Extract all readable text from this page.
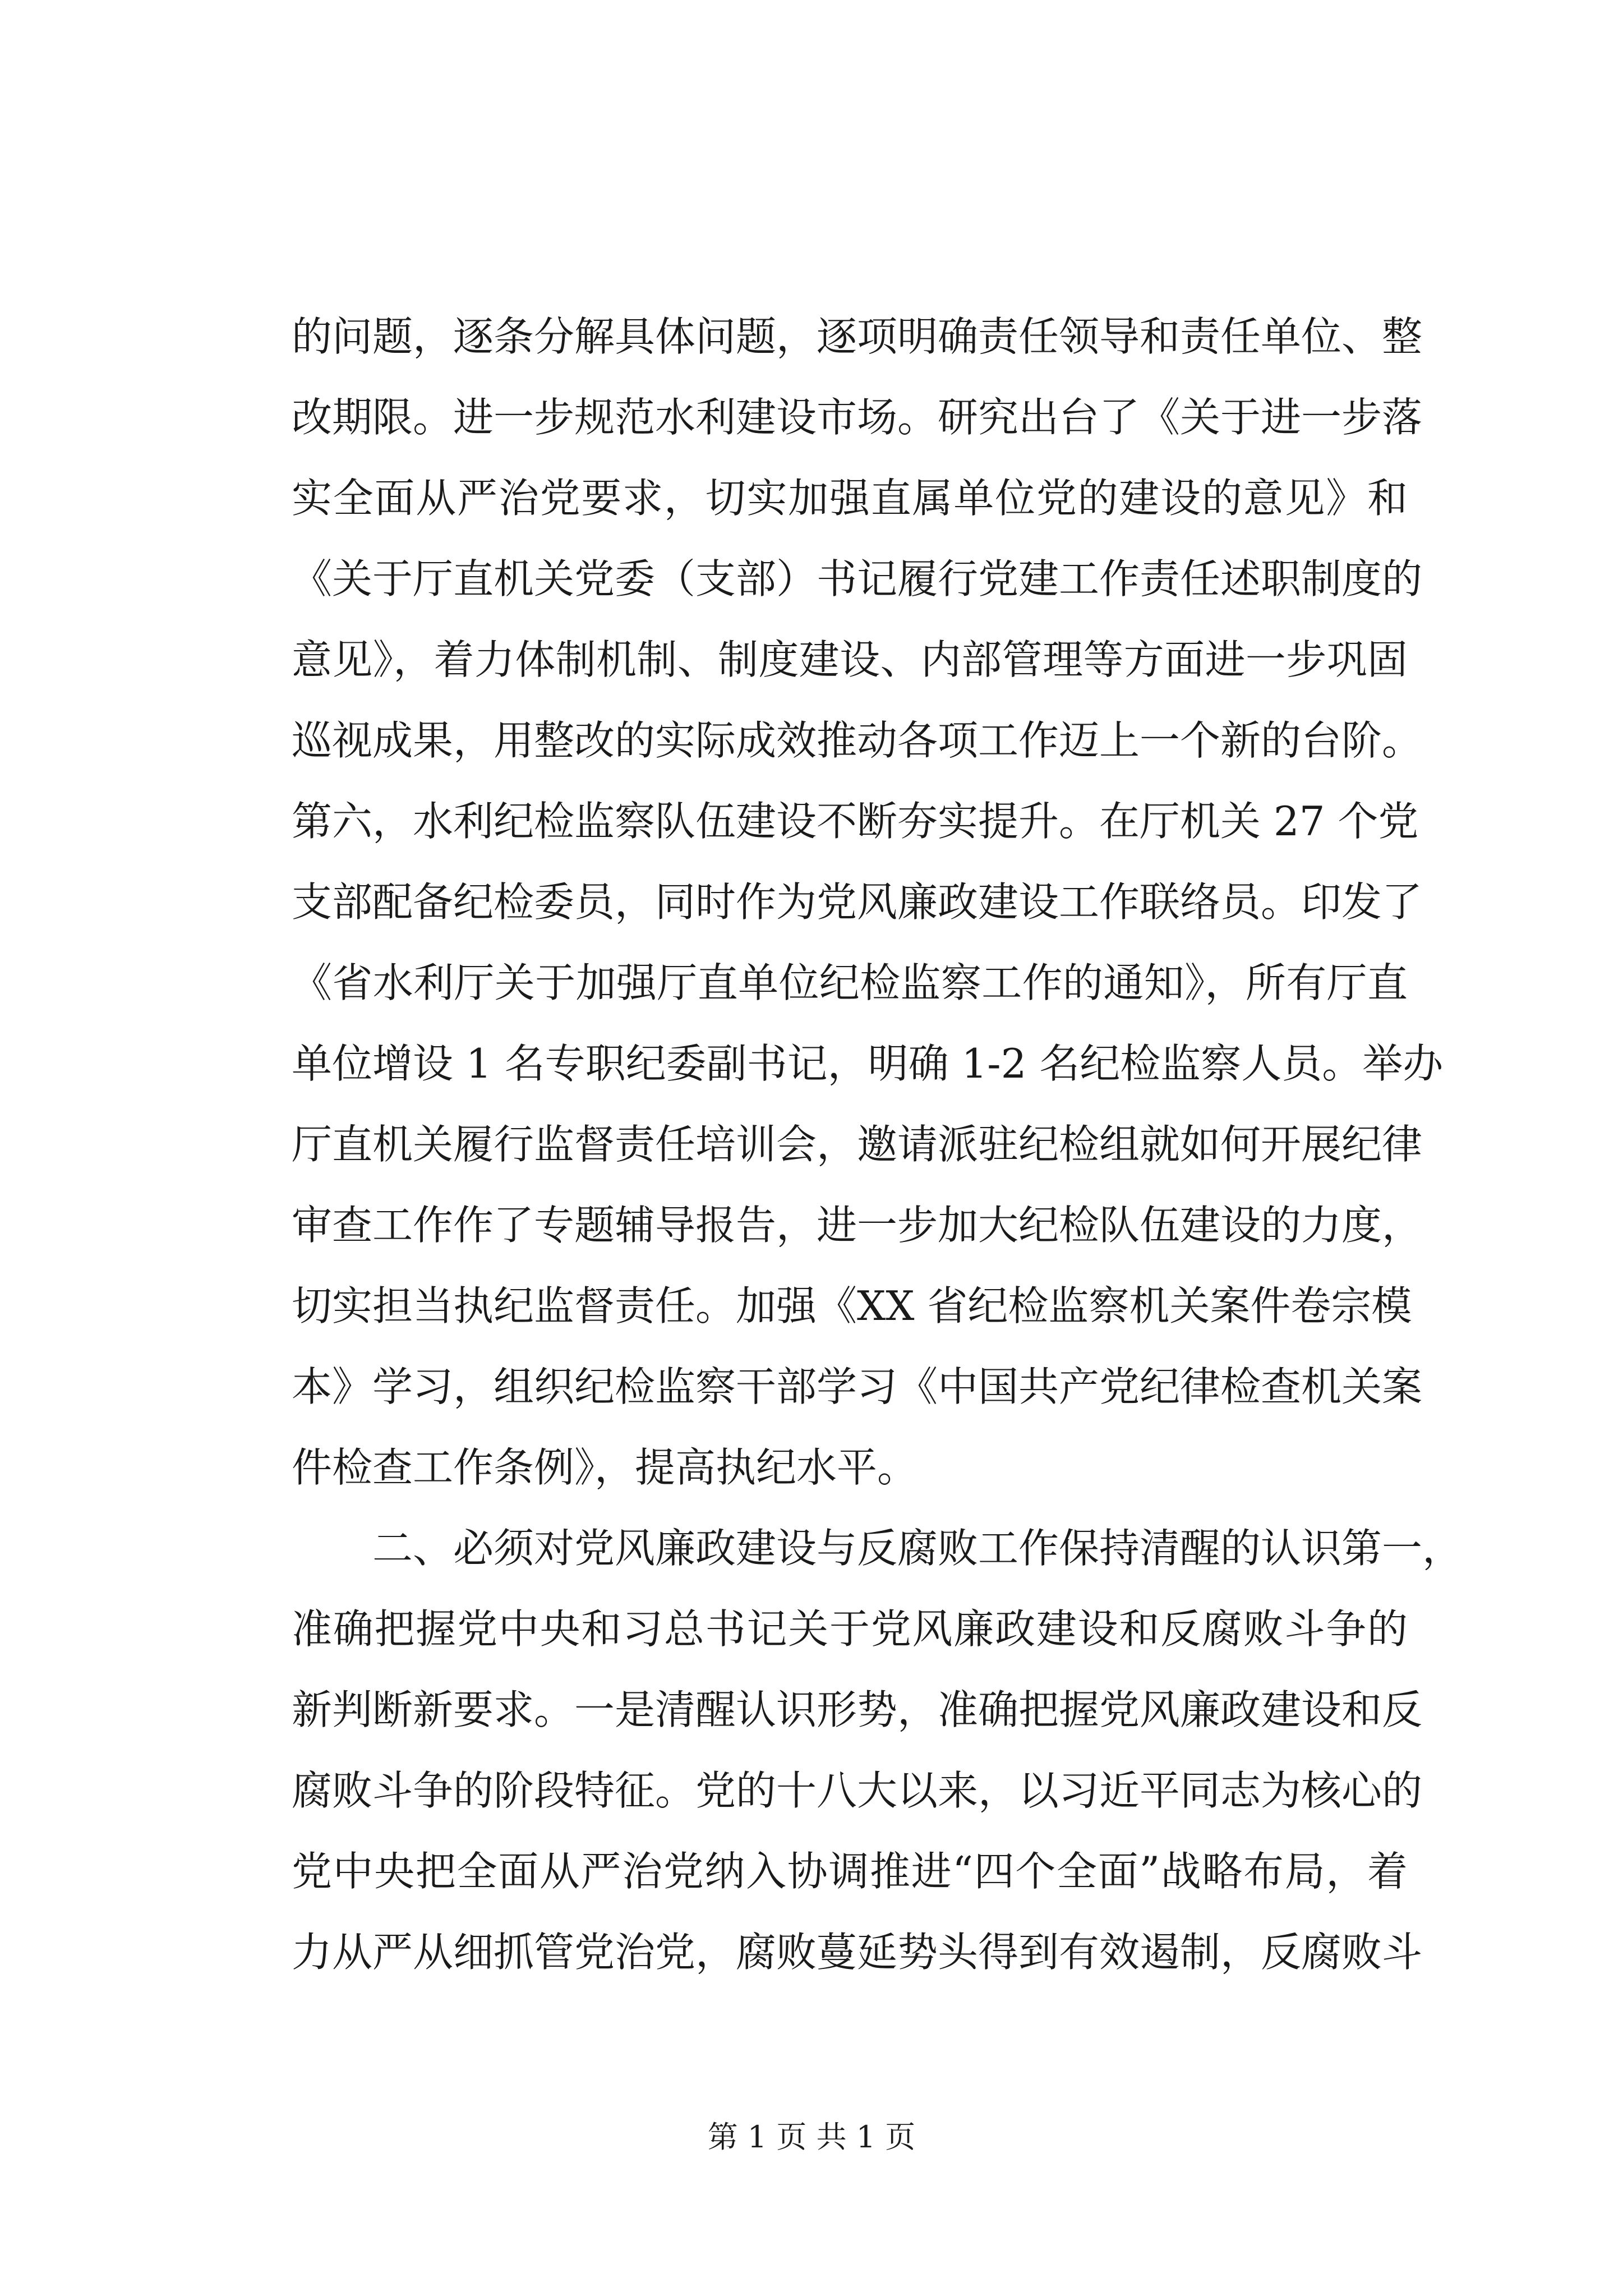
的问题，逐条分解具体问题，逐项明确责任领导和责任单位、整
改期限。进一步规范水利建设市场。研究出台了《关于进一步落
实全面从严治党要求，切实加强直属单位党的建设的意见》和
《关于厅直机关党委（支部）书记履行党建工作责任述职制度的
意见》，着力体制机制、制度建设、内部管理等方面进一步巩固
巡视成果，用整改的实际成效推动各项工作迈上一个新的台阶。
第六，水利纪检监察队伍建设不断夯实提升。在厅机关 27 个党
支部配备纪检委员，同时作为党风廉政建设工作联络员。印发了
《省水利厅关于加强厅直单位纪检监察工作的通知》，所有厅直
单位增设 1 名专职纪委副书记，明确 1-2 名纪检监察人员。举办
厅直机关履行监督责任培训会，邀请派驻纪检组就如何开展纪律
审查工作作了专题辅导报告，进一步加大纪检队伍建设的力度，
切实担当执纪监督责任。加强《XX 省纪检监察机关案件卷宗模
本》学习，组织纪检监察干部学习《中国共产党纪律检查机关案
件检查工作条例》，提高执纪水平。
二、必须对党风廉政建设与反腐败工作保持清醒的认识第一，
准确把握党中央和习总书记关于党风廉政建设和反腐败斗争的
新判断新要求。一是清醒认识形势，准确把握党风廉政建设和反
腐败斗争的阶段特征。党的十八大以来，以习近平同志为核心的
党中央把全面从严治党纳入协调推进“四个全面”战略布局，着
力从严从细抓管党治党，腐败蔓延势头得到有效遏制，反腐败斗
第 1 页 共 1 页
